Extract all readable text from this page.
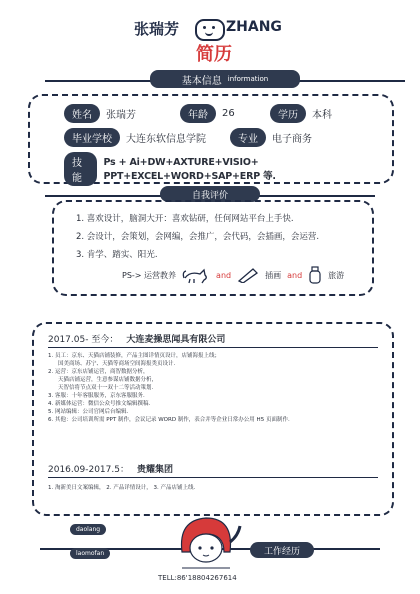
张瑞芳	ZHANG
简历
基本信息 information
姓名	张瑞芳	年龄	26	学历	本科
毕业学校	大连东软信息学院	专业	电子商务
技能
Ps + Ai+DW+AXTURE+VISIO+ PPT+EXCEL+WORD+SAP+ERP 等.
自我评价
1. 喜欢设计，脑洞大开：喜欢钻研，任何网站平台上手快.
2. 会设计，会策划，会网编，会推广，会代码，会插画，会运营.
3. 肯学、踏实、阳光.
PS-> 运营教养	and	插画 and	旅游
2017.05- 至今： 大连麦操思闻具有限公司
1. 员工：京东、天猫店铺装修，产品主图详情页设计，店铺海报上线；
国美商场、苏宁、天猫等商场空间海报类页设计.
2. 运营：京东店铺运营，商智数据分析，
天猫店铺运营，生意参谋店铺数据分析，
天智信将节点双十一双十二等活动策划.
3. 客服：十年客服服务，京东客服服务.
4. 新媒体运营：微信公众号推文编辑撰稿.
5. 网站编辑：公司官网后台编辑.
6. 其他：公司培训所需 PPT 制作，会议记录 WORD 制作，表合并等企业日常办公用 H5 页面制作.
2016.09-2017.5： 贵耀集团
1. 淘新美日文案编辑， 2. 产品详情设计， 3. 产品店铺上线.
daolang
laomofan	工作经历
TELL:86'18804267614
